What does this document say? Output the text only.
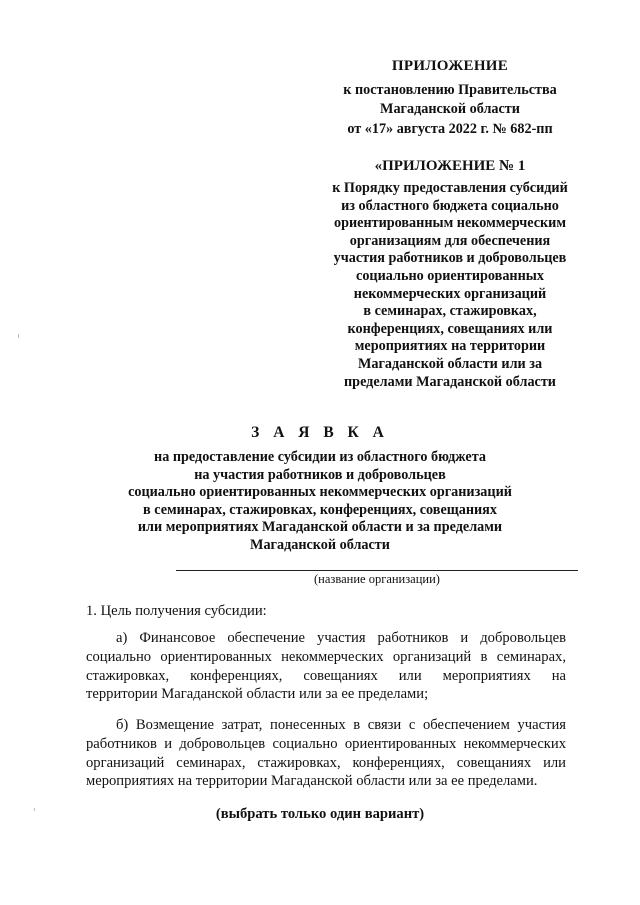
ПРИЛОЖЕНИЕ
к постановлению Правительства
Магаданской области
от «17» августа 2022 г. № 682-пп
«ПРИЛОЖЕНИЕ № 1
к Порядку предоставления субсидий
из областного бюджета социально
ориентированным некоммерческим
организациям для обеспечения
участия работников и добровольцев
социально ориентированных
некоммерческих организаций
в семинарах, стажировках,
конференциях, совещаниях или
мероприятиях на территории
Магаданской области или за
пределами Магаданской области
З А Я В К А
на предоставление субсидии из областного бюджета
на участия работников и добровольцев
социально ориентированных некоммерческих организаций
в семинарах, стажировках, конференциях, совещаниях
или мероприятиях Магаданской области и за пределами
Магаданской области
(название организации)
1. Цель получения субсидии:
а) Финансовое обеспечение участия работников и добровольцев
социально ориентированных некоммерческих организаций в семинарах,
стажировках, конференциях, совещаниях или мероприятиях на
территории Магаданской области или за ее пределами;
б) Возмещение затрат, понесенных в связи с обеспечением участия
работников и добровольцев социально ориентированных некоммерческих
организаций семинарах, стажировках, конференциях, совещаниях или
мероприятиях на территории Магаданской области или за ее пределами.
(выбрать только один вариант)
